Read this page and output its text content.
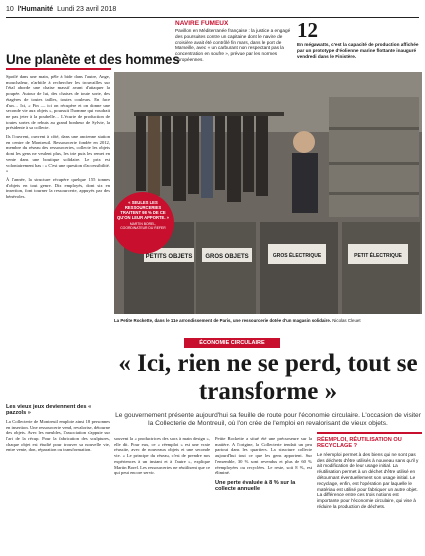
10 l'Humanité Lundi 23 avril 2018
Une planète et des hommes
NAVIRE FUMEUX
Pavillon en Méditerranée française : la justice a engagé des poursuites contre un capitaine dont le navire de croisière avait été contrôlé fin mars, dans le port de Marseille, avec « un carburant non respectant pas la concentration en soufre », prévue par les normes européennes.
12
En mégawatts, c'est la capacité de production affichée par un prototype d'éolienne marine flottante inauguré vendredi dans le Finistère.
Spotlé dans une main, pêle à bide dans l'autre, Ange, mouchaleur, n'arbitle à rechercher les trouvailles sur l'étal aborde une chaise massif avant d'attaquer la poupée. Autour de lui, des chaises de toute sorte, des étagères de toutes tailles, toutes couleurs. En face d'un… Ici, « Fin — ici on récupère et on donne une seconde vie aux objets », poursuit l'homme qui voudrait ne pas jeter à la poubelle… L'écurie de production de toutes sortes de rebuts au grand bonheur de Sylvie, la présidente à sa collecte.
Ils l'ouvrent, ouvrent à côté, dans une ancienne station en centre de Montreuil. Ressourcerie fondée en 2012, membre du réseau des ressourceries, collecte les objets dont les gens ne veulent plus, les trie puis les remet en vente dans une boutique solidaire. Le prix est volontairement bas : « C'est une question d'accessibilité. »
À l'année, la structure récupère quelque 155 tonnes d'objets en tout genre. Dix employés, dont six en insertion, font tourner la ressourcerie, appuyés par des bénévoles.
PETITS OBJETS GROS OBJETS	GROS ÉLECTRIQUE	PETIT ÉLECTRIQUE
« SEULES LES RESSOURCERIES TRAITENT 98 % DE CE QU'ON LEUR APPORTE. »
MARTIN BOREL, COORDINATEUR DU REFER
La Petite Rockette, dans le 11e arrondissement de Paris, une ressourcerie dotée d'un magasin solidaire. Nicolas Cleuet
ÉCONOMIE CIRCULAIRE
« Ici, rien ne se perd, tout se transforme »
Le gouvernement présente aujourd'hui sa feuille de route pour l'économie circulaire. L'occasion de visiter la Collecterie de Montreuil, où l'on crée de l'emploi en revalorisant de vieux objets.
Les vieux jeux deviennent des « pazzols »
La Collecterie de Montreuil emploie ainsi 18 personnes en insertion. Une ressourcerie vend, revalorise, détourne des objets. Avec les meubles, l'association s'appuie sur l'art de la récup. Pour la fabrication des sculptures, chaque objet est étudié pour trouver sa nouvelle vie, entre vente, don, réparation ou transformation.
souvent la « productrices des sacs à main design », elle dit. Pour eux, ce « réemploi » est une vraie réussite, avec de nouveaux objets et une seconde vie. « Le principe du réseau, c'est de prendre nos expériences à un instant et à l'autre », explique Martin Borel. Les ressourceries ne réutilisent que ce qui peut encore servir.
Petite Rockette a situé été une précurseure sur la matière. A l'origine, la Collecterie tendait un peu partout dans les quartiers. La structure collecte aujourd'hui tout ce que les gens apportent. Sur l'ensemble, 30 % sont revendus et plus de 60 % réemployées ou recyclées. Le reste, soit 8 %, est éliminé.
Une perte évaluée à 8 % sur la collecte annuelle
RÉEMPLOI, RÉUTILISATION OU RECYCLAGE ?
Le réemploi permet à des biens qui ne sont pas des déchets d'être utilisés à nouveau sans qu'il y ait modification de leur usage initial. La réutilisation permet à un déchet d'être utilisé en détournant éventuellement son usage initial. Le recyclage, enfin, est l'opération par laquelle le matériau est utilisé pour fabriquer un autre objet. La différence entre ces trois notions est importante pour l'économie circulaire, qui vise à réduire la production de déchets.
